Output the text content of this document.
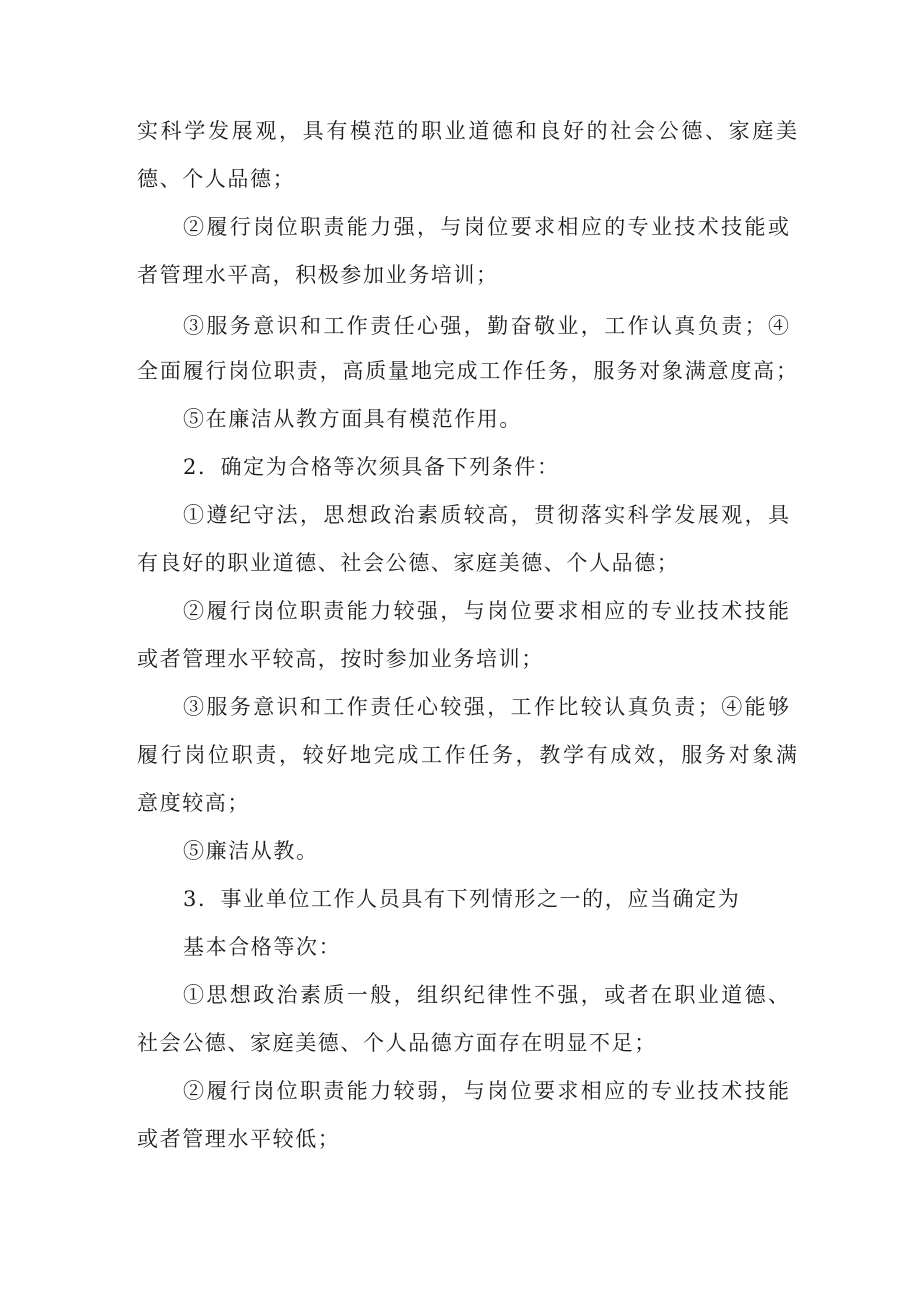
实科学发展观，具有模范的职业道德和良好的社会公德、家庭美
德、个人品德；
②履行岗位职责能力强，与岗位要求相应的专业技术技能或
者管理水平高，积极参加业务培训；
③服务意识和工作责任心强，勤奋敬业，工作认真负责；④
全面履行岗位职责，高质量地完成工作任务，服务对象满意度高；
⑤在廉洁从教方面具有模范作用。
2．确定为合格等次须具备下列条件：
①遵纪守法，思想政治素质较高，贯彻落实科学发展观，具
有良好的职业道德、社会公德、家庭美德、个人品德；
②履行岗位职责能力较强，与岗位要求相应的专业技术技能
或者管理水平较高，按时参加业务培训；
③服务意识和工作责任心较强，工作比较认真负责；④能够
履行岗位职责，较好地完成工作任务，教学有成效，服务对象满
意度较高；
⑤廉洁从教。
3．事业单位工作人员具有下列情形之一的，应当确定为
基本合格等次：
①思想政治素质一般，组织纪律性不强，或者在职业道德、
社会公德、家庭美德、个人品德方面存在明显不足；
②履行岗位职责能力较弱，与岗位要求相应的专业技术技能
或者管理水平较低；
